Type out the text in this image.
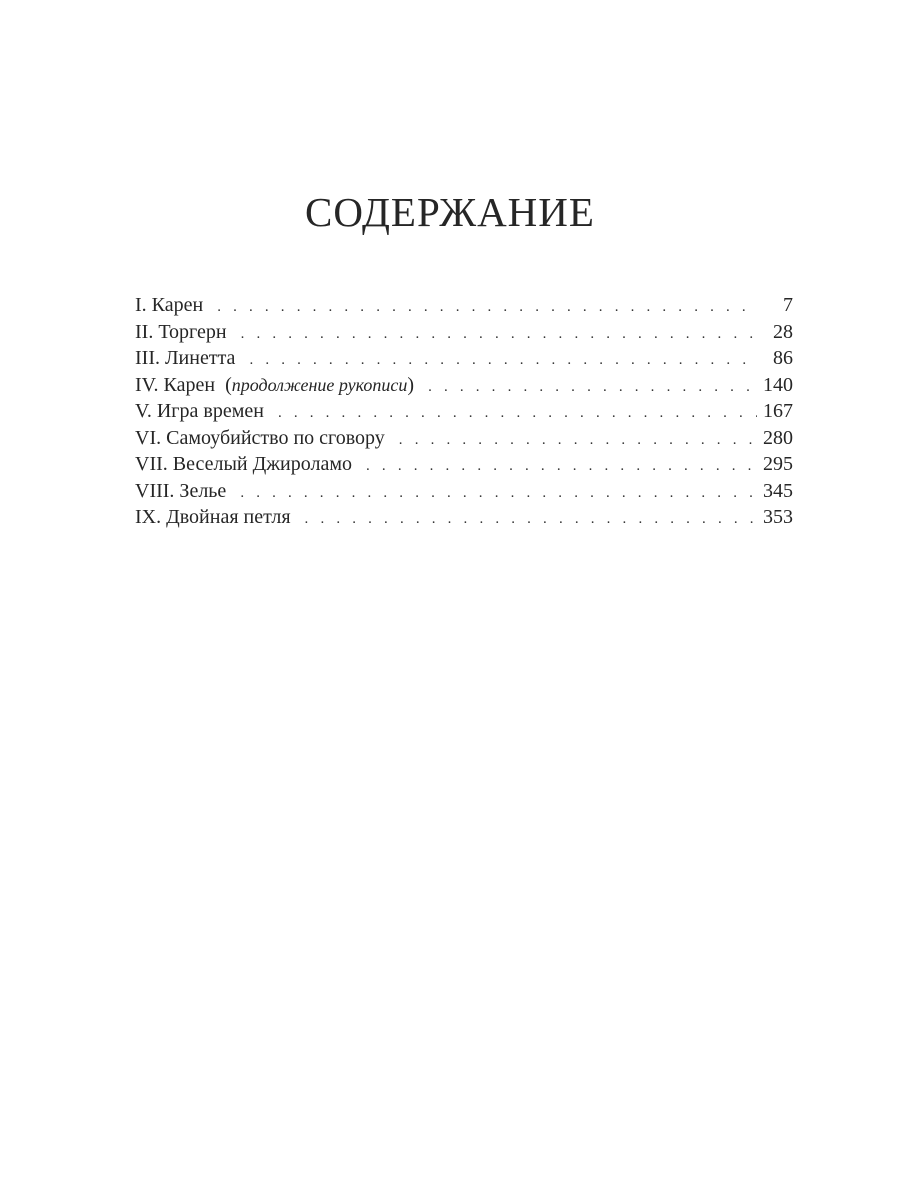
СОДЕРЖАНИЕ
I. Карен . . .	7
II. Торгерн . . .	28
III. Линетта . . .	86
IV. Карен (продолжение рукописи) . . .	140
V. Игра времен . . .	167
VI. Самоубийство по сговору . . .	280
VII. Веселый Джироламо . . .	295
VIII. Зелье . . .	345
IX. Двойная петля . . .	353
